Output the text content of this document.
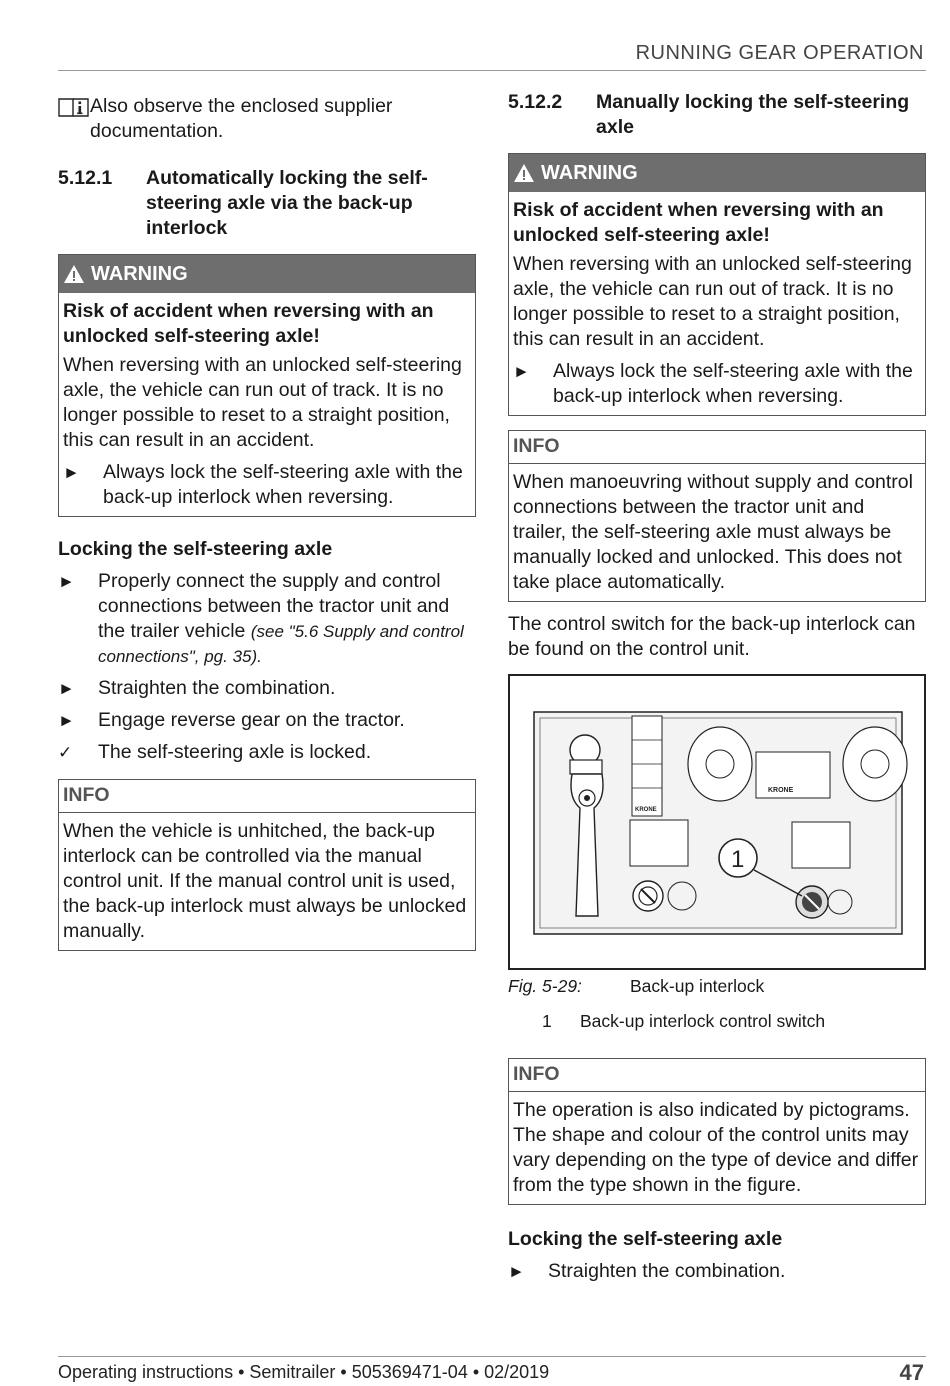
RUNNING GEAR OPERATION

Also observe the enclosed supplier documentation.

5.12.1	Automatically locking the self-steering axle via the back-up interlock
WARNING

Risk of accident when reversing with an unlocked self-steering axle!

When reversing with an unlocked self-steering axle, the vehicle can run out of track. It is no longer possible to reset to a straight position, this can result in an accident.

►	Always lock the self-steering axle with the back-up interlock when reversing.

Locking the self-steering axle

►	Properly connect the supply and control connections between the tractor unit and the trailer vehicle (see "5.6 Supply and control connections", pg. 35).
►	Straighten the combination.
►	Engage reverse gear on the tractor.
✓	The self-steering axle is locked.
INFO

When the vehicle is unhitched, the back-up interlock can be controlled via the manual control unit. If the manual control unit is used, the back-up interlock must always be unlocked manually.

5.12.2	Manually locking the self-steering axle
WARNING

Risk of accident when reversing with an unlocked self-steering axle!

When reversing with an unlocked self-steering axle, the vehicle can run out of track. It is no longer possible to reset to a straight position, this can result in an accident.

►	Always lock the self-steering axle with the back-up interlock when reversing.
INFO

When manoeuvring without supply and control connections between the tractor unit and trailer, the self-steering axle must always be manually locked and unlocked. This does not take place automatically.

The control switch for the back-up interlock can be found on the control unit.

KRONE
KRONE
1
Fig. 5-29:	Back-up interlock
1	Back-up interlock control switch
INFO

The operation is also indicated by pictograms. The shape and colour of the control units may vary depending on the type of device and differ from the type shown in the figure.

Locking the self-steering axle

►	Straighten the combination.
Operating instructions • Semitrailer • 505369471-04 • 02/2019	47
